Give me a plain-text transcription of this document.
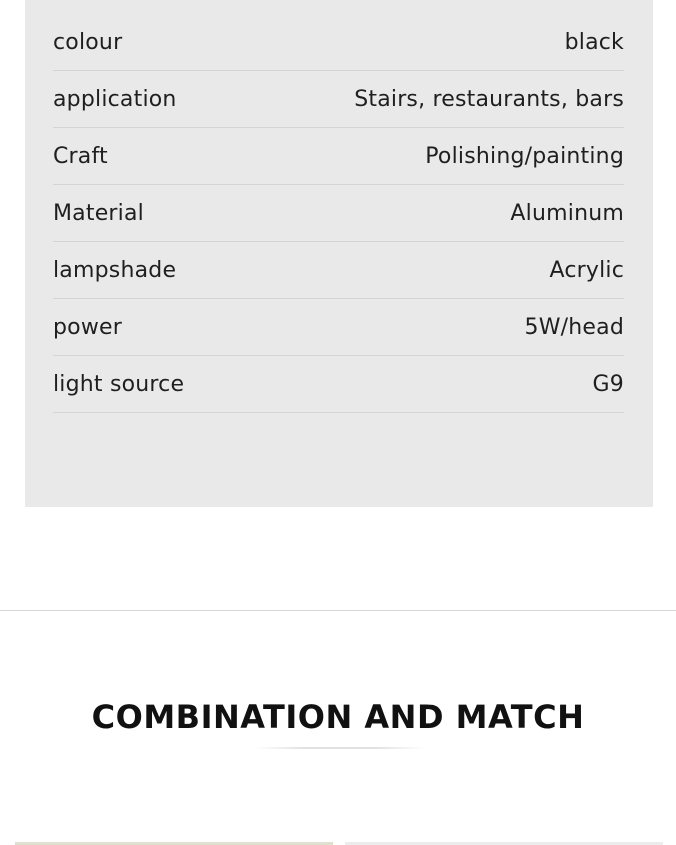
colour	black
application	Stairs, restaurants, bars
Craft	Polishing/painting
Material	Aluminum
lampshade	Acrylic
power	5W/head
light source	G9
COMBINATION AND MATCH
